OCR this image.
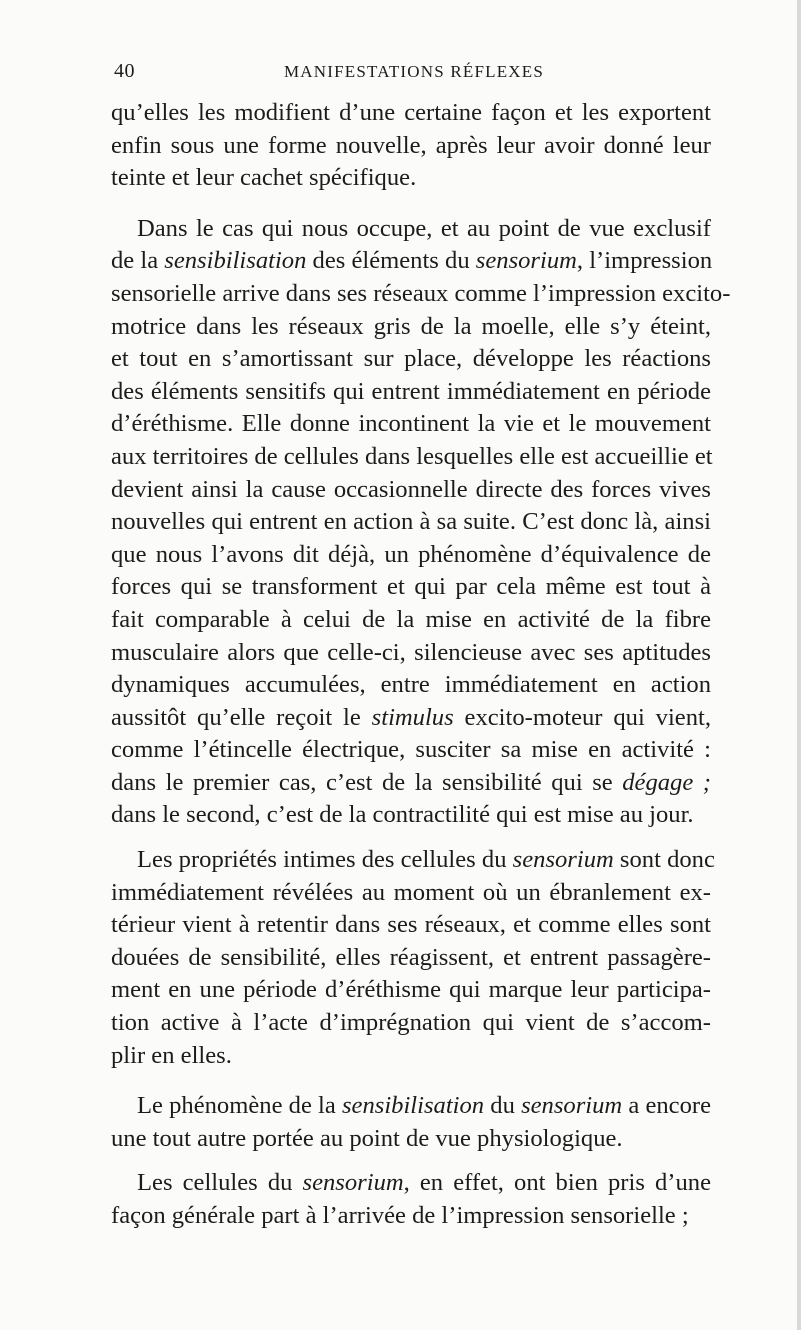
40	MANIFESTATIONS RÉFLEXES
qu’elles les modifient d’une certaine façon et les exportent
enfin sous une forme nouvelle, après leur avoir donné leur
teinte et leur cachet spécifique.
Dans le cas qui nous occupe, et au point de vue exclusif
de la sensibilisation des éléments du sensorium, l’impression
sensorielle arrive dans ses réseaux comme l’impression excito-
motrice dans les réseaux gris de la moelle, elle s’y éteint,
et tout en s’amortissant sur place, développe les réactions
des éléments sensitifs qui entrent immédiatement en période
d’éréthisme. Elle donne incontinent la vie et le mouvement
aux territoires de cellules dans lesquelles elle est accueillie et
devient ainsi la cause occasionnelle directe des forces vives
nouvelles qui entrent en action à sa suite. C’est donc là, ainsi
que nous l’avons dit déjà, un phénomène d’équivalence de
forces qui se transforment et qui par cela même est tout à
fait comparable à celui de la mise en activité de la fibre
musculaire alors que celle-ci, silencieuse avec ses aptitudes
dynamiques accumulées, entre immédiatement en action
aussitôt qu’elle reçoit le stimulus excito-moteur qui vient,
comme l’étincelle électrique, susciter sa mise en activité :
dans le premier cas, c’est de la sensibilité qui se dégage ;
dans le second, c’est de la contractilité qui est mise au jour.
Les propriétés intimes des cellules du sensorium sont donc
immédiatement révélées au moment où un ébranlement ex-
térieur vient à retentir dans ses réseaux, et comme elles sont
douées de sensibilité, elles réagissent, et entrent passagère-
ment en une période d’éréthisme qui marque leur participa-
tion active à l’acte d’imprégnation qui vient de s’accom-
plir en elles.
Le phénomène de la sensibilisation du sensorium a encore
une tout autre portée au point de vue physiologique.
Les cellules du sensorium, en effet, ont bien pris d’une
façon générale part à l’arrivée de l’impression sensorielle ;
